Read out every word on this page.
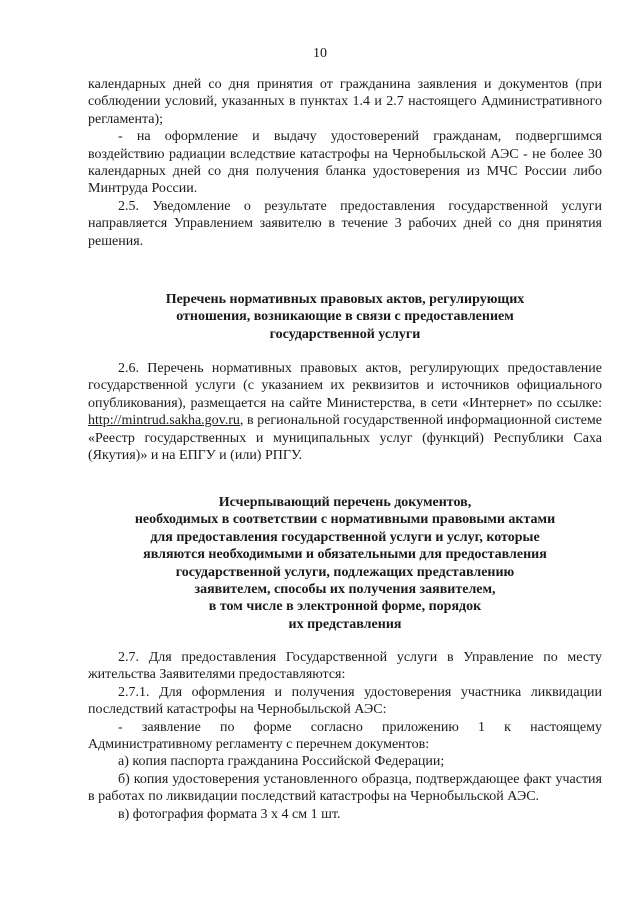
10

календарных дней со дня принятия от гражданина заявления и документов (при соблюдении условий, указанных в пунктах 1.4 и 2.7 настоящего Административного регламента);

- на оформление и выдачу удостоверений гражданам, подвергшимся воздействию радиации вследствие катастрофы на Чернобыльской АЭС - не более 30 календарных дней со дня получения бланка удостоверения из МЧС России либо Минтруда России.

2.5. Уведомление о результате предоставления государственной услуги направляется Управлением заявителю в течение 3 рабочих дней со дня принятия решения.

Перечень нормативных правовых актов, регулирующих
отношения, возникающие в связи с предоставлением
государственной услуги

2.6. Перечень нормативных правовых актов, регулирующих предоставление государственной услуги (с указанием их реквизитов и источников официального опубликования), размещается на сайте Министерства, в сети «Интернет» по ссылке: http://mintrud.sakha.gov.ru, в региональной государственной информационной системе «Реестр государственных и муниципальных услуг (функций) Республики Саха (Якутия)» и на ЕПГУ и (или) РПГУ.

Исчерпывающий перечень документов,
необходимых в соответствии с нормативными правовыми актами
для предоставления государственной услуги и услуг, которые
являются необходимыми и обязательными для предоставления
государственной услуги, подлежащих представлению
заявителем, способы их получения заявителем,
в том числе в электронной форме, порядок
их представления

2.7. Для предоставления Государственной услуги в Управление по месту жительства Заявителями предоставляются:

2.7.1. Для оформления и получения удостоверения участника ликвидации последствий катастрофы на Чернобыльской АЭС:

- заявление по форме согласно приложению 1 к настоящему Административному регламенту с перечнем документов:

а) копия паспорта гражданина Российской Федерации;

б) копия удостоверения установленного образца, подтверждающее факт участия в работах по ликвидации последствий катастрофы на Чернобыльской АЭС.

в) фотография формата 3 х 4 см 1 шт.
